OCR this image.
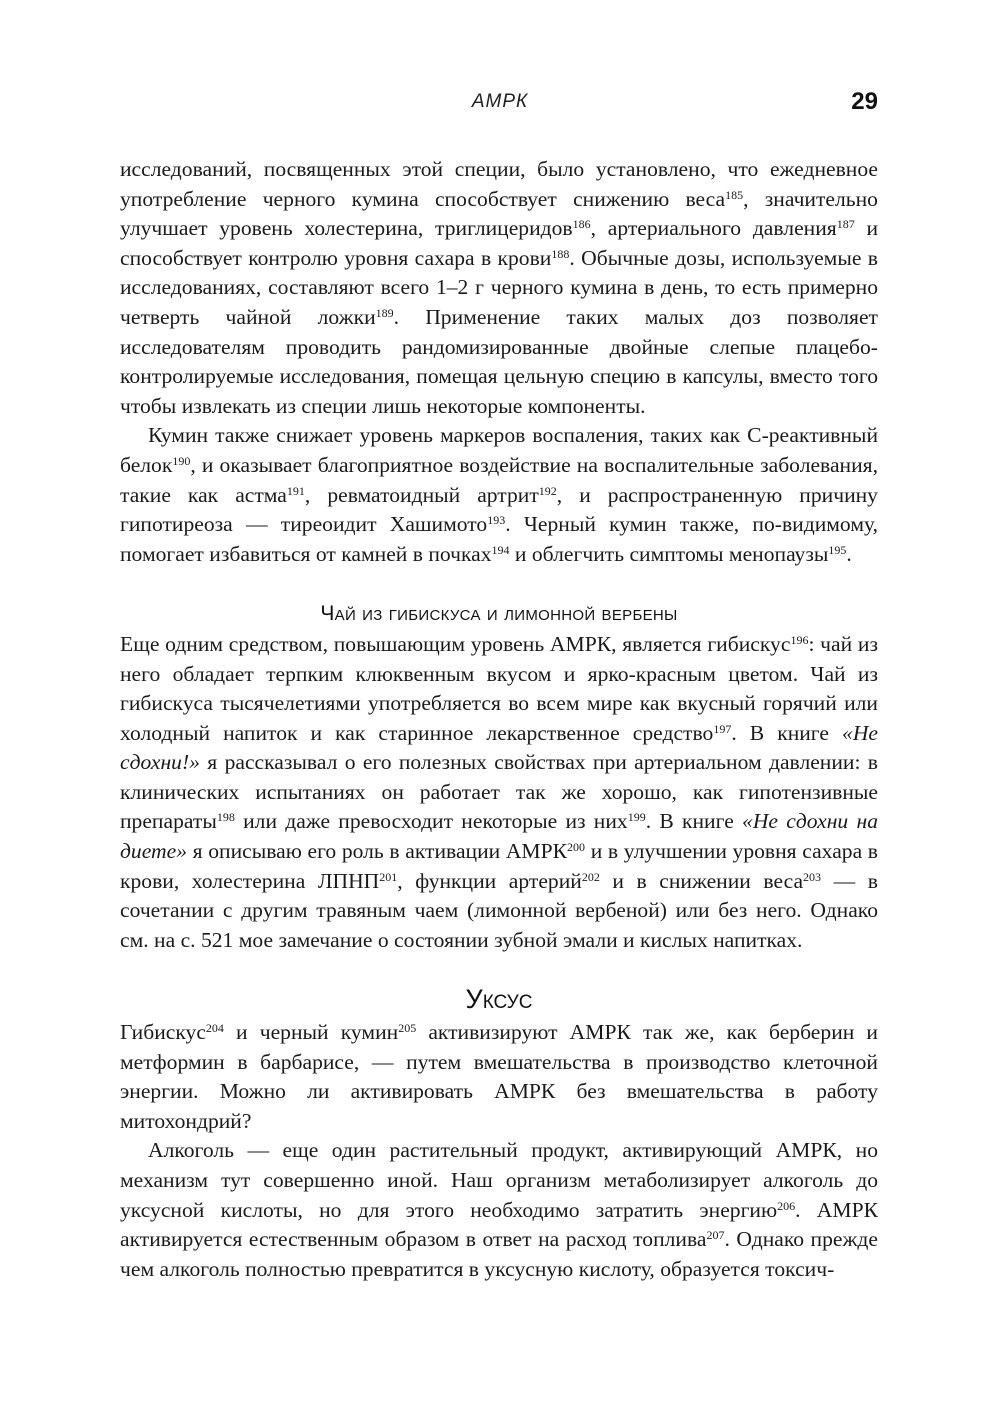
АМРК	29

исследований, посвященных этой специи, было установлено, что ежедневное употребление черного кумина способствует снижению веса$^{185}$, значительно улучшает уровень холестерина, триглицеридов$^{186}$, артериального давления$^{187}$ и способствует контролю уровня сахара в крови$^{188}$. Обычные дозы, используемые в исследованиях, составляют всего 1–2 г черного кумина в день, то есть примерно четверть чайной ложки$^{189}$. Применение таких малых доз позволяет исследователям проводить рандомизированные двойные слепые плацебо-контролируемые исследования, помещая цельную специю в капсулы, вместо того чтобы извлекать из специи лишь некоторые компоненты.

Кумин также снижает уровень маркеров воспаления, таких как С-реактивный белок$^{190}$, и оказывает благоприятное воздействие на воспалительные заболевания, такие как астма$^{191}$, ревматоидный артрит$^{192}$, и распространенную причину гипотиреоза — тиреоидит Хашимото$^{193}$. Черный кумин также, по-видимому, помогает избавиться от камней в почках$^{194}$ и облегчить симптомы менопаузы$^{195}$.

Чай из гибискуса и лимонной вербены

Еще одним средством, повышающим уровень АМРК, является гибискус$^{196}$: чай из него обладает терпким клюквенным вкусом и ярко-красным цветом. Чай из гибискуса тысячелетиями употребляется во всем мире как вкусный горячий или холодный напиток и как старинное лекарственное средство$^{197}$. В книге «Не сдохни!» я рассказывал о его полезных свойствах при артериальном давлении: в клинических испытаниях он работает так же хорошо, как гипотензивные препараты$^{198}$ или даже превосходит некоторые из них$^{199}$. В книге «Не сдохни на диете» я описываю его роль в активации АМРК$^{200}$ и в улучшении уровня сахара в крови, холестерина ЛПНП$^{201}$, функции артерий$^{202}$ и в снижении веса$^{203}$ — в сочетании с другим травяным чаем (лимонной вербеной) или без него. Однако см. на с. 521 мое замечание о состоянии зубной эмали и кислых напитках.

Уксус

Гибискус$^{204}$ и черный кумин$^{205}$ активизируют АМРК так же, как берберин и метформин в барбарисе, — путем вмешательства в производство клеточной энергии. Можно ли активировать АМРК без вмешательства в работу митохондрий?

Алкоголь — еще один растительный продукт, активирующий АМРК, но механизм тут совершенно иной. Наш организм метаболизирует алкоголь до уксусной кислоты, но для этого необходимо затратить энергию$^{206}$. АМРК активируется естественным образом в ответ на расход топлива$^{207}$. Однако прежде чем алкоголь полностью превратится в уксусную кислоту, образуется токсич-
